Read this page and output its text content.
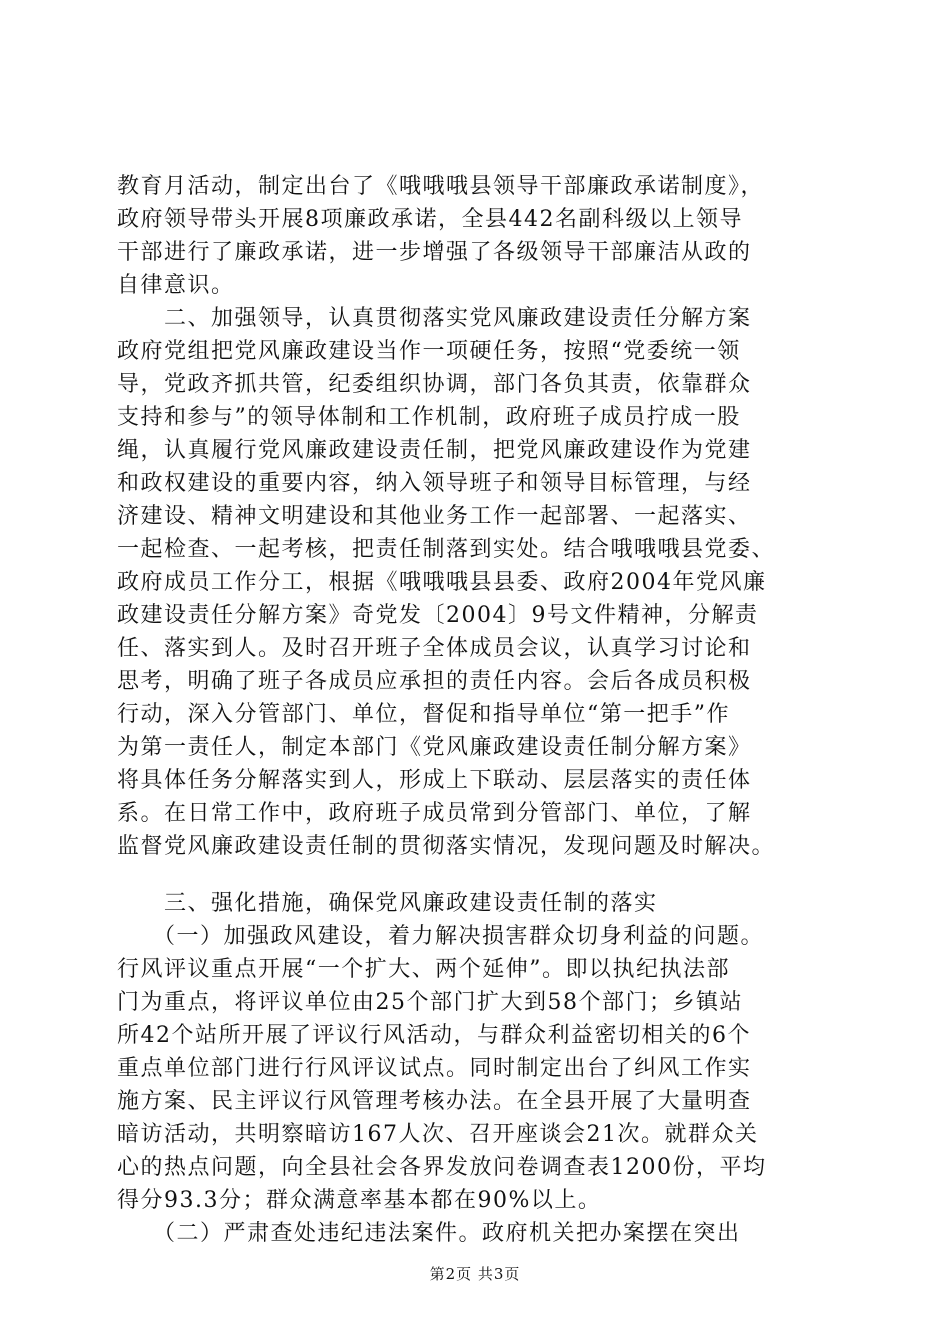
教育月活动，制定出台了《哦哦哦县领导干部廉政承诺制度》，
政府领导带头开展8项廉政承诺，全县442名副科级以上领导
干部进行了廉政承诺，进一步增强了各级领导干部廉洁从政的
自律意识。
　　二、加强领导，认真贯彻落实党风廉政建设责任分解方案
政府党组把党风廉政建设当作一项硬任务，按照“党委统一领
导，党政齐抓共管，纪委组织协调，部门各负其责，依靠群众
支持和参与”的领导体制和工作机制，政府班子成员拧成一股
绳，认真履行党风廉政建设责任制，把党风廉政建设作为党建
和政权建设的重要内容，纳入领导班子和领导目标管理，与经
济建设、精神文明建设和其他业务工作一起部署、一起落实、
一起检查、一起考核，把责任制落到实处。结合哦哦哦县党委、
政府成员工作分工，根据《哦哦哦县县委、政府2004年党风廉
政建设责任分解方案》奇党发〔2004〕9号文件精神，分解责
任、落实到人。及时召开班子全体成员会议，认真学习讨论和
思考，明确了班子各成员应承担的责任内容。会后各成员积极
行动，深入分管部门、单位，督促和指导单位“第一把手”作
为第一责任人，制定本部门《党风廉政建设责任制分解方案》
将具体任务分解落实到人，形成上下联动、层层落实的责任体
系。在日常工作中，政府班子成员常到分管部门、单位，了解
监督党风廉政建设责任制的贯彻落实情况，发现问题及时解决。
　　三、强化措施，确保党风廉政建设责任制的落实
　　（一）加强政风建设，着力解决损害群众切身利益的问题。
行风评议重点开展“一个扩大、两个延伸”。即以执纪执法部
门为重点，将评议单位由25个部门扩大到58个部门；乡镇站
所42个站所开展了评议行风活动，与群众利益密切相关的6个
重点单位部门进行行风评议试点。同时制定出台了纠风工作实
施方案、民主评议行风管理考核办法。在全县开展了大量明查
暗访活动，共明察暗访167人次、召开座谈会21次。就群众关
心的热点问题，向全县社会各界发放问卷调查表1200份，平均
得分93.3分；群众满意率基本都在90%以上。
　　（二）严肃查处违纪违法案件。政府机关把办案摆在突出
第2页 共3页
